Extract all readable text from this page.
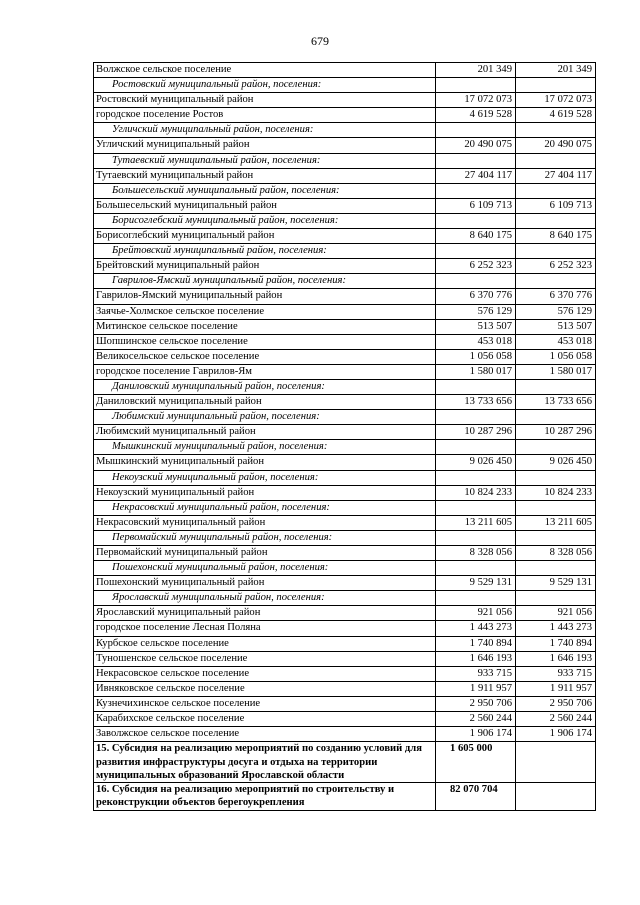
679
Волжское сельское поселение	201 349	201 349
Ростовский муниципальный район, поселения:		
Ростовский муниципальный район	17 072 073	17 072 073
городское поселение Ростов	4 619 528	4 619 528
Угличский муниципальный район, поселения:		
Угличский муниципальный район	20 490 075	20 490 075
Тутаевский муниципальный район, поселения:		
Тутаевский муниципальный район	27 404 117	27 404 117
Большесельский муниципальный район, поселения:		
Большесельский муниципальный район	6 109 713	6 109 713
Борисоглебский муниципальный район, поселения:		
Борисоглебский муниципальный район	8 640 175	8 640 175
Брейтовский муниципальный район, поселения:		
Брейтовский муниципальный район	6 252 323	6 252 323
Гаврилов-Ямский муниципальный район, поселения:		
Гаврилов-Ямский муниципальный район	6 370 776	6 370 776
Заячье-Холмское сельское поселение	576 129	576 129
Митинское сельское поселение	513 507	513 507
Шопшинское сельское поселение	453 018	453 018
Великосельское сельское поселение	1 056 058	1 056 058
городское поселение Гаврилов-Ям	1 580 017	1 580 017
Даниловский муниципальный район, поселения:		
Даниловский муниципальный район	13 733 656	13 733 656
Любимский муниципальный район, поселения:		
Любимский муниципальный район	10 287 296	10 287 296
Мышкинский муниципальный район, поселения:		
Мышкинский муниципальный район	9 026 450	9 026 450
Некоузский муниципальный район, поселения:		
Некоузский муниципальный район	10 824 233	10 824 233
Некрасовский муниципальный район, поселения:		
Некрасовский муниципальный район	13 211 605	13 211 605
Первомайский муниципальный район, поселения:		
Первомайский муниципальный район	8 328 056	8 328 056
Пошехонский муниципальный район, поселения:		
Пошехонский муниципальный район	9 529 131	9 529 131
Ярославский муниципальный район, поселения:		
Ярославский муниципальный район	921 056	921 056
городское поселение Лесная Поляна	1 443 273	1 443 273
Курбское сельское поселение	1 740 894	1 740 894
Туношенское сельское поселение	1 646 193	1 646 193
Некрасовское сельское поселение	933 715	933 715
Ивняковское сельское поселение	1 911 957	1 911 957
Кузнечихинское сельское поселение	2 950 706	2 950 706
Карабихское сельское поселение	2 560 244	2 560 244
Заволжское сельское поселение	1 906 174	1 906 174
15. Субсидия на реализацию мероприятий по созданию условий для развития инфраструктуры досуга и отдыха на территории муниципальных образований Ярославской области	1 605 000	
16. Субсидия на реализацию мероприятий по строительству и реконструкции объектов берегоукрепления	82 070 704	
